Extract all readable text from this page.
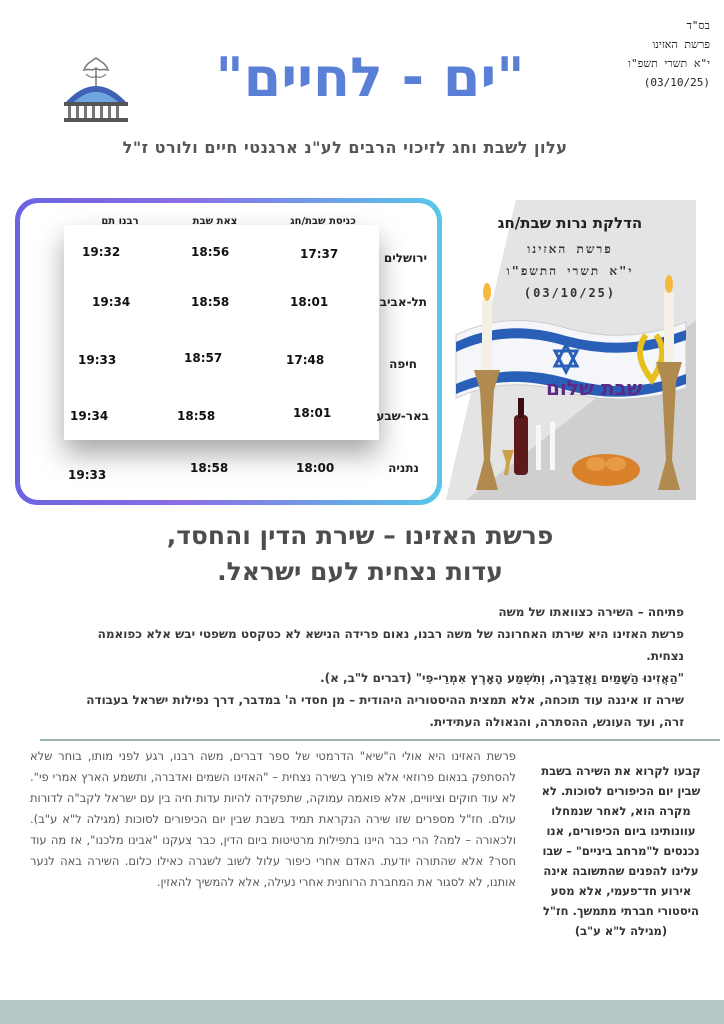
בס"ד
פרשת האזינו
י"א תשרי תשפ"ו
(03/10/25)
"ים - לחיים"
עלון לשבת וחג לזיכוי הרבים לע"נ ארגנטי חיים ולורט ז"ל
כניסת שבת/חג
צאת שבת
רבנו תם
ירושלים
17:37
18:56
19:32
תל-אביב
18:01
18:58
19:34
חיפה
17:48
18:57
19:33
באר-שבע
18:01
18:58
19:34
נתניה
18:00
18:58
19:33
הדלקת נרות שבת/חג
פרשת האזינו
י"א תשרי התשפ"ו
(03/10/25)
שבת שלום
פרשת האזינו – שירת הדין והחסד,
עדות נצחית לעם ישראל.

פתיחה – השירה כצוואתו של משה

פרשת האזינו היא שירתו האחרונה של משה רבנו, נאום פרידה הנישא לא כטקסט משפטי יבש אלא כפואמה נצחית.

"הַאֲזִינוּ הַשָּׁמַיִם וַאֲדַבֵּרָה, וְתִשְׁמַע הָאָרֶץ אִמְרֵי-פִי" (דברים ל"ב, א).

שירה זו איננה עוד תוכחה, אלא תמצית ההיסטוריה היהודית – מן חסדי ה' במדבר, דרך נפילות ישראל בעבודה זרה, ועד העונש, ההסתרה, והגאולה העתידית.

פרשת האזינו היא אולי ה"שיא" הדרמטי של ספר דברים, משה רבנו, רגע לפני מותו, בוחר שלא להסתפק בנאום פרוזאי אלא פורץ בשירה נצחית – "האזינו השמים ואדברה, ותשמע הארץ אמרי פי". לא עוד חוקים וציוויים, אלא פואמה עמוקה, שתפקידה להיות עדות חיה בין עם ישראל לקב"ה לדורות עולם. חז"ל מספרים שזו שירה הנקראת תמיד בשבת שבין יום הכיפורים לסוכות (מגילה ל"א ע"ב). ולכאורה – למה? הרי כבר היינו בתפילות מרטיטות ביום הדין, כבר צעקנו "אבינו מלכנו", אז מה עוד חסר? אלא שהתורה יודעת. האדם אחרי כיפור עלול לשוב לשגרה כאילו כלום. השירה באה לנער אותנו, לא לסגור את המחברת הרוחנית אחרי נעילה, אלא להמשיך להאזין.
קבעו לקרוא את השירה בשבת שבין יום הכיפורים לסוכות. לא מקרה הוא, לאחר שנמחלו עוונותינו ביום הכיפורים, אנו נכנסים ל"מרחב ביניים" – שבו עלינו להפנים שהתשובה אינה אירוע חד־פעמי, אלא מסע היסטורי חברתי מתמשך. חז"ל (מגילה ל"א ע"ב)
